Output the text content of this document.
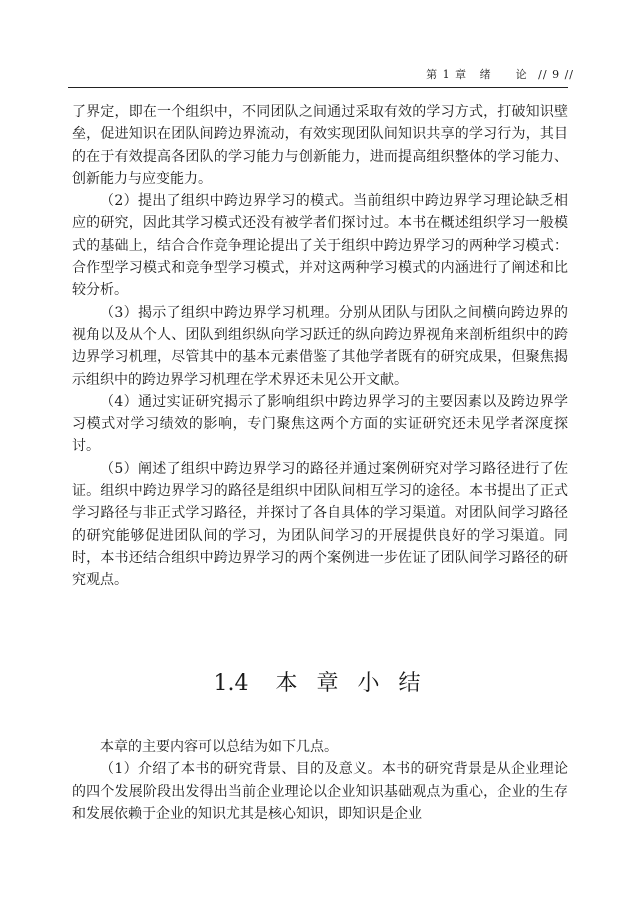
第 1 章 绪　　论 // 9 //

了界定，即在一个组织中，不同团队之间通过采取有效的学习方式，打破知识壁垒，促进知识在团队间跨边界流动，有效实现团队间知识共享的学习行为，其目的在于有效提高各团队的学习能力与创新能力，进而提高组织整体的学习能力、创新能力与应变能力。

（2）提出了组织中跨边界学习的模式。当前组织中跨边界学习理论缺乏相应的研究，因此其学习模式还没有被学者们探讨过。本书在概述组织学习一般模式的基础上，结合合作竞争理论提出了关于组织中跨边界学习的两种学习模式：合作型学习模式和竞争型学习模式，并对这两种学习模式的内涵进行了阐述和比较分析。

（3）揭示了组织中跨边界学习机理。分别从团队与团队之间横向跨边界的视角以及从个人、团队到组织纵向学习跃迁的纵向跨边界视角来剖析组织中的跨边界学习机理，尽管其中的基本元素借鉴了其他学者既有的研究成果，但聚焦揭示组织中的跨边界学习机理在学术界还未见公开文献。

（4）通过实证研究揭示了影响组织中跨边界学习的主要因素以及跨边界学习模式对学习绩效的影响，专门聚焦这两个方面的实证研究还未见学者深度探讨。

（5）阐述了组织中跨边界学习的路径并通过案例研究对学习路径进行了佐证。组织中跨边界学习的路径是组织中团队间相互学习的途径。本书提出了正式学习路径与非正式学习路径，并探讨了各自具体的学习渠道。对团队间学习路径的研究能够促进团队间的学习，为团队间学习的开展提供良好的学习渠道。同时，本书还结合组织中跨边界学习的两个案例进一步佐证了团队间学习路径的研究观点。

1.4 本 章 小 结

本章的主要内容可以总结为如下几点。

（1）介绍了本书的研究背景、目的及意义。本书的研究背景是从企业理论的四个发展阶段出发得出当前企业理论以企业知识基础观点为重心，企业的生存和发展依赖于企业的知识尤其是核心知识，即知识是企业
